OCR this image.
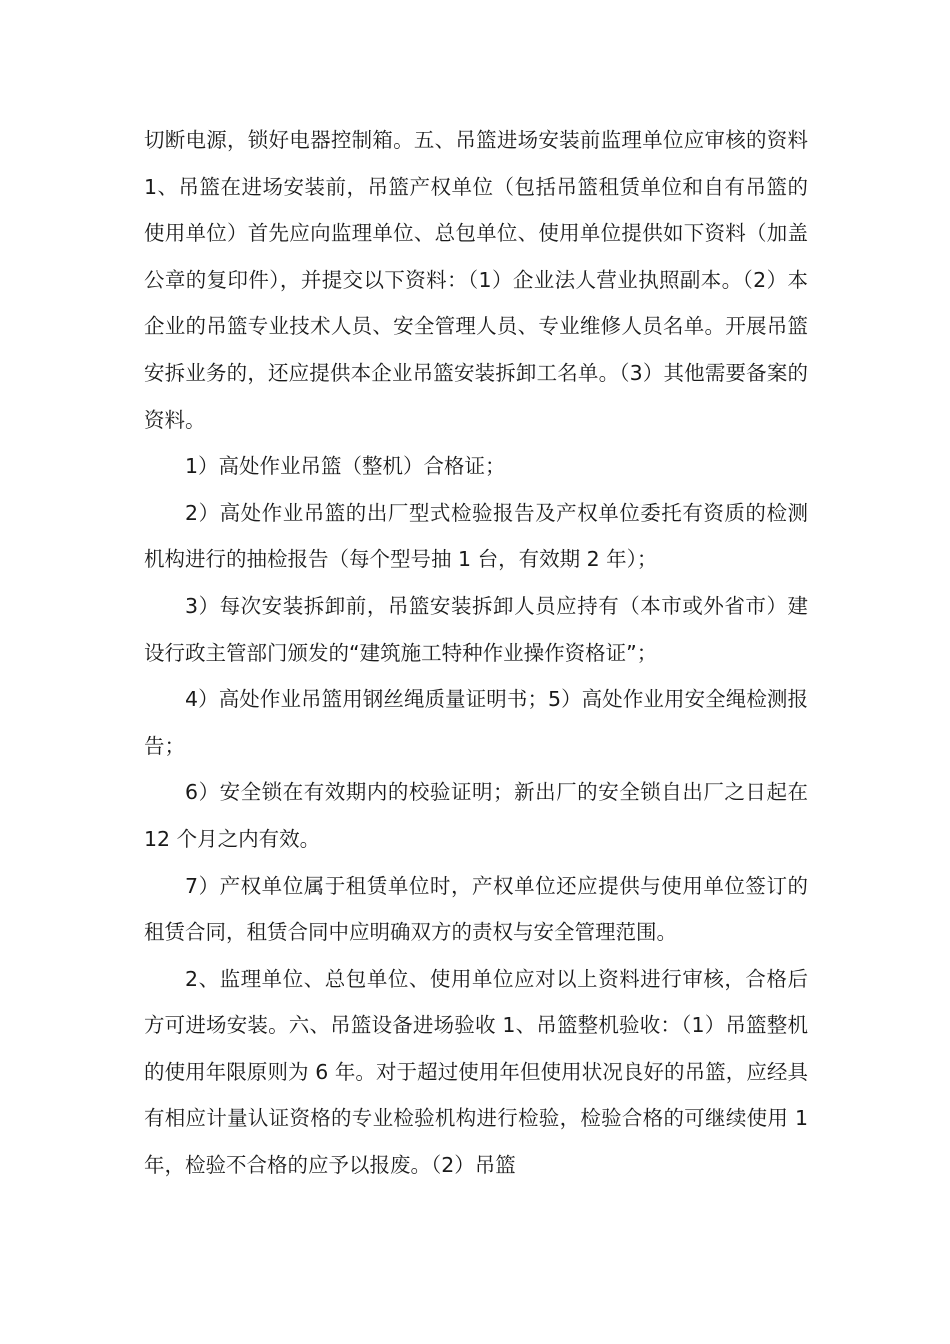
切断电源，锁好电器控制箱。五、吊篮进场安装前监理单位应审核的资料 1、吊篮在进场安装前，吊篮产权单位（包括吊篮租赁单位和自有吊篮的使用单位）首先应向监理单位、总包单位、使用单位提供如下资料（加盖公章的复印件），并提交以下资料：（1）企业法人营业执照副本。（2）本企业的吊篮专业技术人员、安全管理人员、专业维修人员名单。开展吊篮安拆业务的，还应提供本企业吊篮安装拆卸工名单。（3）其他需要备案的资料。

1）高处作业吊篮（整机）合格证；

2）高处作业吊篮的出厂型式检验报告及产权单位委托有资质的检测机构进行的抽检报告（每个型号抽 1 台，有效期 2 年）；

3）每次安装拆卸前，吊篮安装拆卸人员应持有（本市或外省市）建设行政主管部门颁发的“建筑施工特种作业操作资格证”；

4）高处作业吊篮用钢丝绳质量证明书；5）高处作业用安全绳检测报告；

6）安全锁在有效期内的校验证明；新出厂的安全锁自出厂之日起在 12 个月之内有效。

7）产权单位属于租赁单位时，产权单位还应提供与使用单位签订的租赁合同，租赁合同中应明确双方的责权与安全管理范围。

2、监理单位、总包单位、使用单位应对以上资料进行审核，合格后方可进场安装。六、吊篮设备进场验收 1、吊篮整机验收：（1）吊篮整机的使用年限原则为 6 年。对于超过使用年但使用状况良好的吊篮，应经具有相应计量认证资格的专业检验机构进行检验，检验合格的可继续使用 1 年，检验不合格的应予以报废。（2）吊篮
